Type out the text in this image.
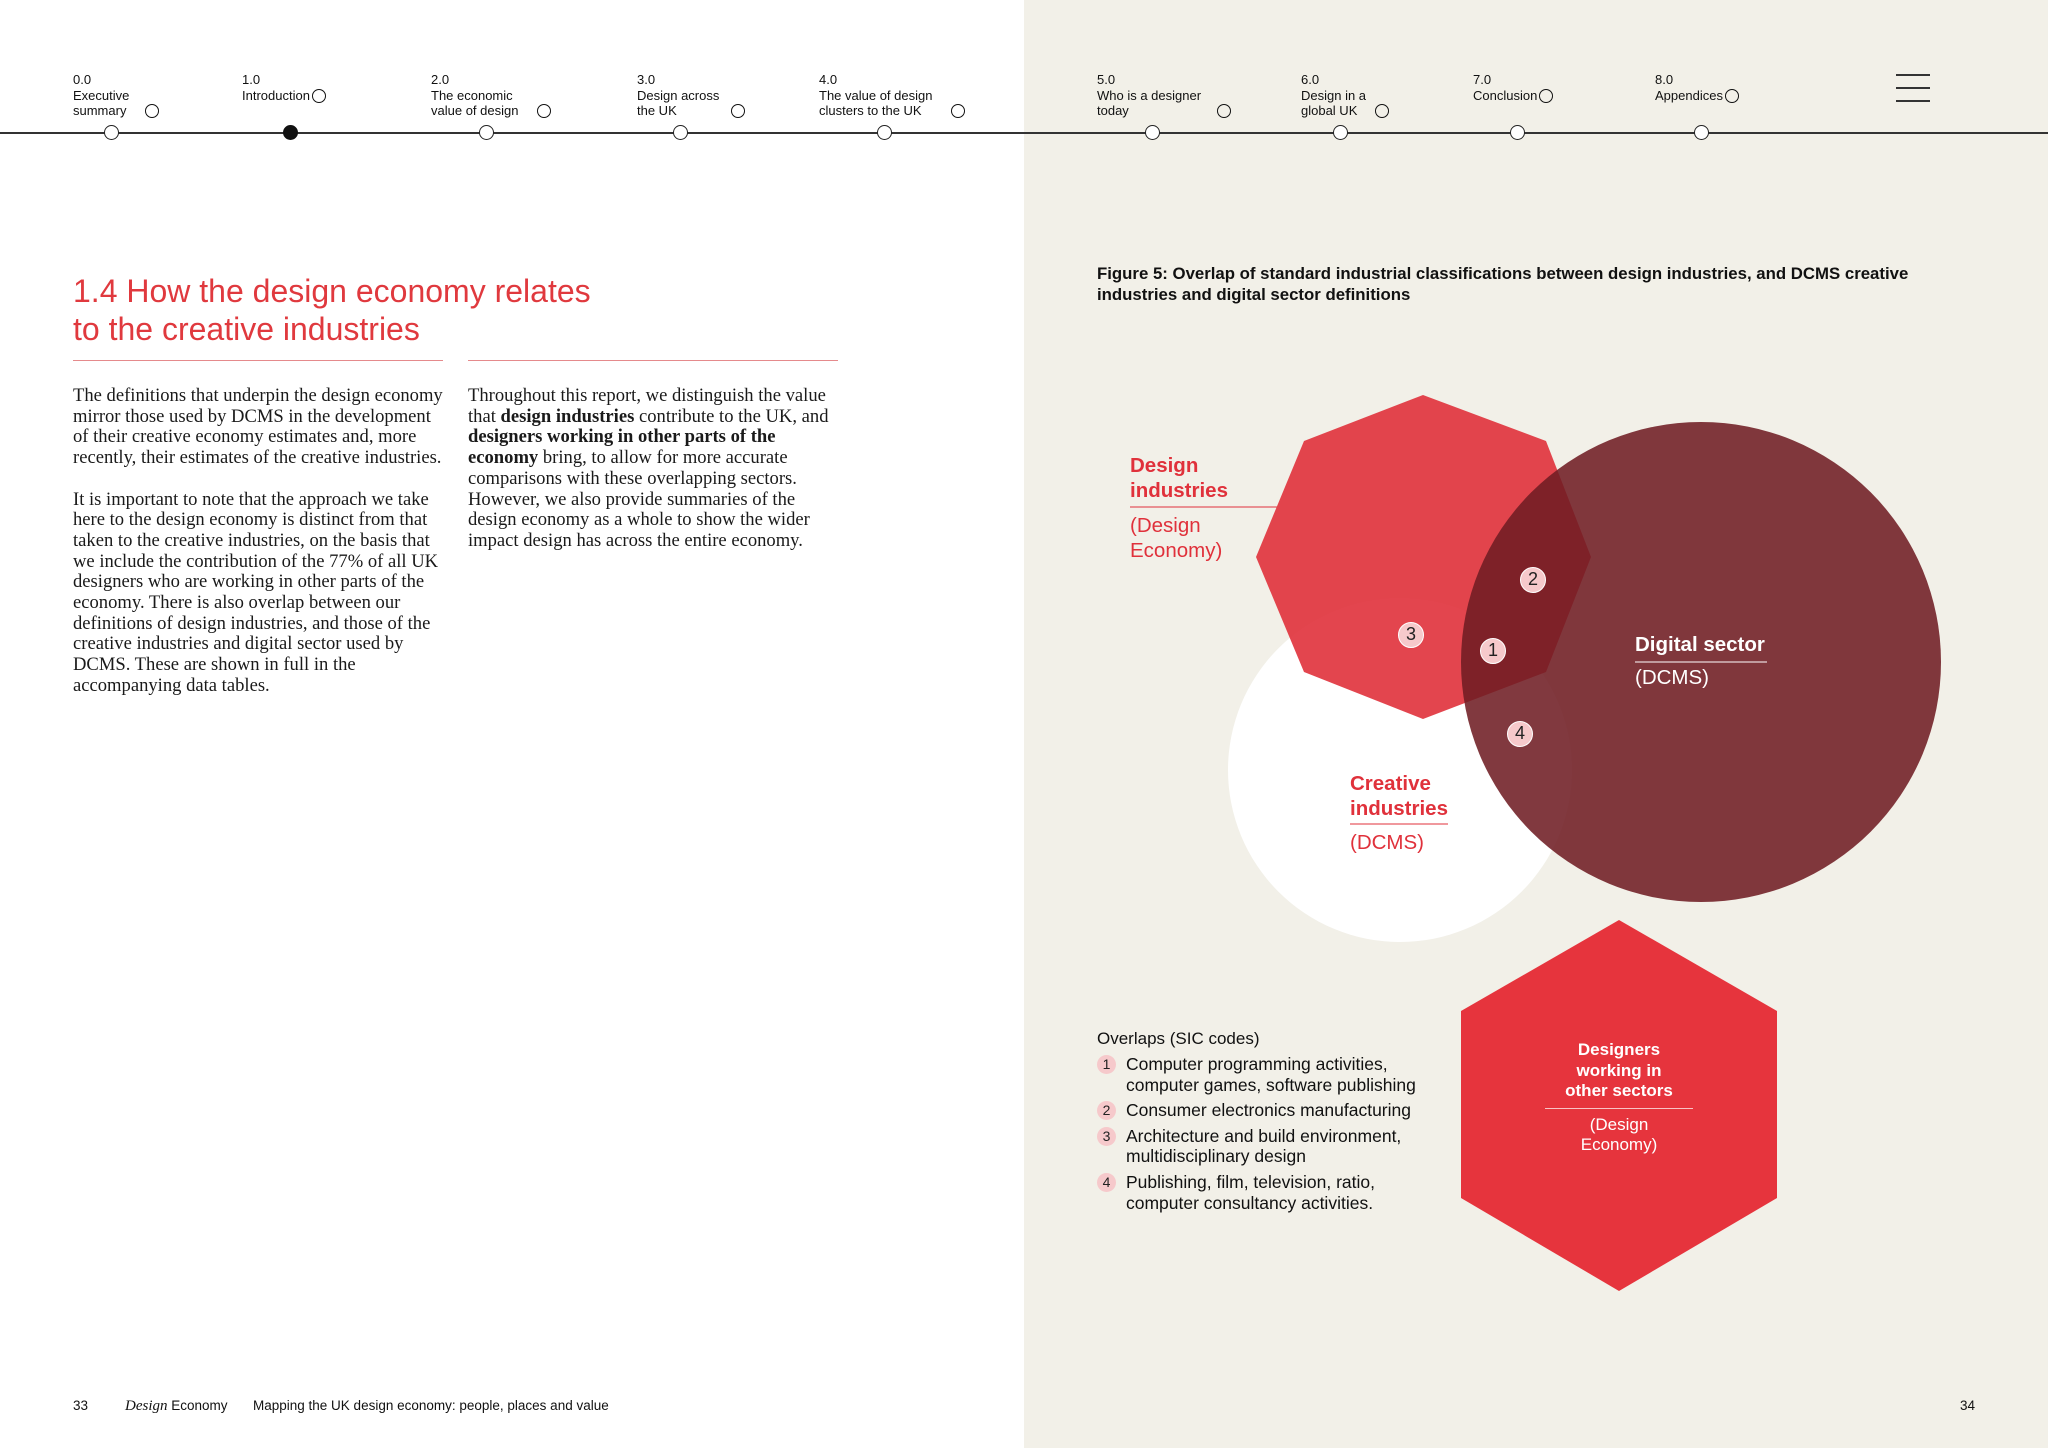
0.0
Executive summary
1.0
Introduction
2.0
The economic value of design
3.0
Design across the UK
4.0
The value of design clusters to the UK
5.0
Who is a designer today
6.0
Design in a global UK
7.0
Conclusion
8.0
Appendices
1.4 How the design economy relates
to the creative industries

The definitions that underpin the design economy mirror those used by DCMS in the development of their creative economy estimates and, more recently, their estimates of the creative industries.

It is important to note that the approach we take here to the design economy is distinct from that taken to the creative industries, on the basis that we include the contribution of the 77% of all UK designers who are working in other parts of the economy. There is also overlap between our definitions of design industries, and those of the creative industries and digital sector used by DCMS. These are shown in full in the accompanying data tables.

Throughout this report, we distinguish the value that design industries contribute to the UK, and designers working in other parts of the economy bring, to allow for more accurate comparisons with these overlapping sectors. However, we also provide summaries of the design economy as a whole to show the wider impact design has across the entire economy.

Figure 5: Overlap of standard industrial classifications between design industries, and DCMS creative industries and digital sector definitions
2
3
1
4
Design
industries
(Design
Economy)
Digital sector
(DCMS)
Creative
industries
(DCMS)
Overlaps (SIC codes)
1 Computer programming activities, computer games, software publishing
2 Consumer electronics manufacturing
3 Architecture and build environment, multidisciplinary design
4 Publishing, film, television, ratio, computer consultancy activities.
Designers
working in
other sectors
(Design
Economy)
33 Design Economy Mapping the UK design economy: people, places and value	34
